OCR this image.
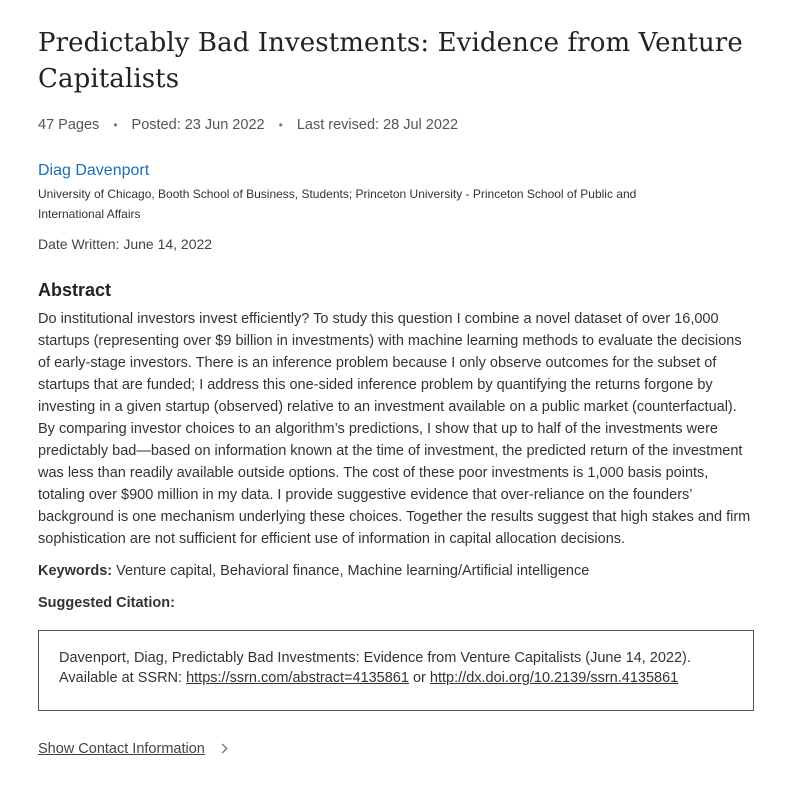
Predictably Bad Investments: Evidence from Venture Capitalists
47 Pages • Posted: 23 Jun 2022 • Last revised: 28 Jul 2022
Diag Davenport
University of Chicago, Booth School of Business, Students; Princeton University - Princeton School of Public and International Affairs
Date Written: June 14, 2022
Abstract
Do institutional investors invest efficiently? To study this question I combine a novel dataset of over 16,000 startups (representing over $9 billion in investments) with machine learning methods to evaluate the decisions of early-stage investors. There is an inference problem because I only observe outcomes for the subset of startups that are funded; I address this one-sided inference problem by quantifying the returns forgone by investing in a given startup (observed) relative to an investment available on a public market (counterfactual). By comparing investor choices to an algorithm’s predictions, I show that up to half of the investments were predictably bad—based on information known at the time of investment, the predicted return of the investment was less than readily available outside options. The cost of these poor investments is 1,000 basis points, totaling over $900 million in my data. I provide suggestive evidence that over-reliance on the founders’ background is one mechanism underlying these choices. Together the results suggest that high stakes and firm sophistication are not sufficient for efficient use of information in capital allocation decisions.
Keywords: Venture capital, Behavioral finance, Machine learning/Artificial intelligence
Suggested Citation:
Davenport, Diag, Predictably Bad Investments: Evidence from Venture Capitalists (June 14, 2022). Available at SSRN: https://ssrn.com/abstract=4135861 or http://dx.doi.org/10.2139/ssrn.4135861
Show Contact Information
